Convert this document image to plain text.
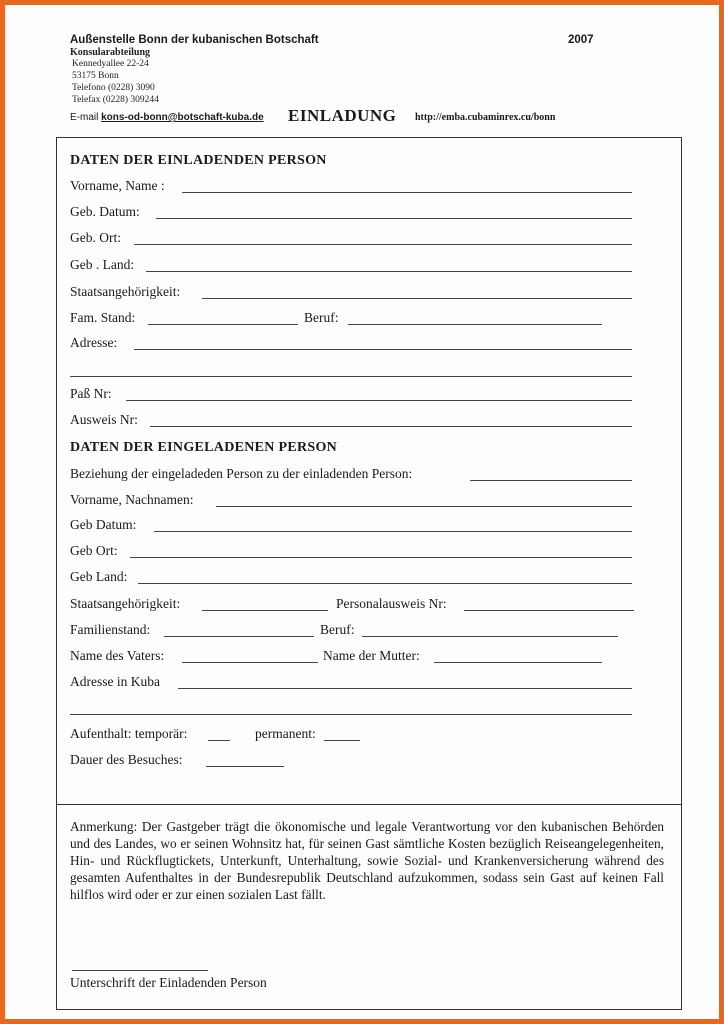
Außenstelle Bonn der kubanischen Botschaft	2007
Konsularabteilung
Kennedyallee 22-24
53175 Bonn
Telefono (0228) 3090
Telefax (0228) 309244
E-mail kons-od-bonn@botschaft-kuba.de EINLADUNG http://emba.cubaminrex.cu/bonn
DATEN DER EINLADENDEN PERSON
Vorname, Name :
Geb. Datum:
Geb. Ort:
Geb . Land:
Staatsangehörigkeit:
Fam. Stand:	Beruf:
Adresse:
Paß Nr:
Ausweis Nr:
DATEN DER EINGELADENEN PERSON
Beziehung der eingeladeden Person zu der einladenden Person:
Vorname, Nachnamen:
Geb Datum:
Geb Ort:
Geb Land:
Staatsangehörigkeit:	Personalausweis Nr:
Familienstand:	Beruf:
Name des Vaters:	Name der Mutter:
Adresse in Kuba
Aufenthalt: temporär:	permanent:
Dauer des Besuches:
Anmerkung: Der Gastgeber trägt die ökonomische und legale Verantwortung vor den kubanischen Behörden und des Landes, wo er seinen Wohnsitz hat, für seinen Gast sämtliche Kosten bezüglich Reiseangelegenheiten, Hin- und Rückflugtickets, Unterkunft, Unterhaltung, sowie Sozial- und Krankenversicherung während des gesamten Aufenthaltes in der Bundesrepublik Deutschland aufzukommen, sodass sein Gast auf keinen Fall hilflos wird oder er zur einen sozialen Last fällt.
Unterschrift der Einladenden Person
